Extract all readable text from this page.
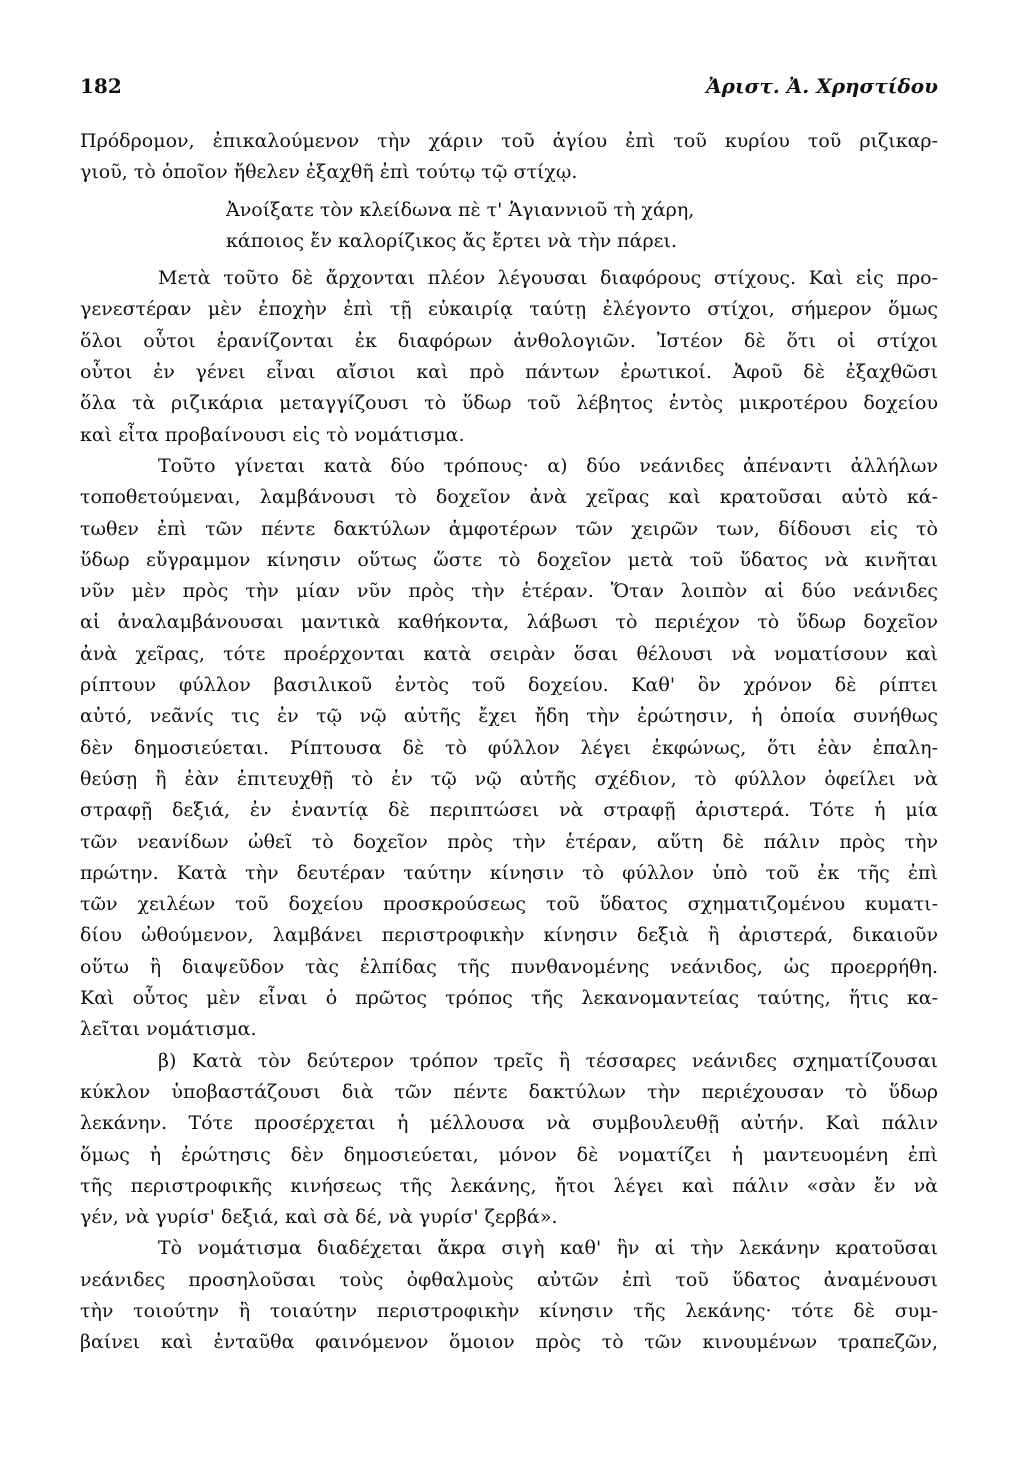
182	Ἀριστ. Ἀ. Χρηστίδου
Πρόδρομον, ἐπικαλούμενον τὴν χάριν τοῦ ἁγίου ἐπὶ τοῦ κυρίου τοῦ ριζικαρ-
γιοῦ, τὸ ὁποῖον ἤθελεν ἐξαχθῆ ἐπὶ τούτῳ τῷ στίχῳ.
Ἀνοίξατε τὸν κλείδωνα πὲ τ' Ἁγιαννιοῦ τὴ χάρη,
κάποιος ἔν καλορίζικος ἄς ἔρτει νὰ τὴν πάρει.
Μετὰ τοῦτο δὲ ἄρχονται πλέον λέγουσαι διαφόρους στίχους. Καὶ εἰς προ-
γενεστέραν μὲν ἐποχὴν ἐπὶ τῇ εὐκαιρίᾳ ταύτῃ ἐλέγοντο στίχοι, σήμερον ὅμως
ὅλοι οὗτοι ἐρανίζονται ἐκ διαφόρων ἀνθολογιῶν. Ἰστέον δὲ ὅτι οἱ στίχοι
οὗτοι ἐν γένει εἶναι αἴσιοι καὶ πρὸ πάντων ἐρωτικοί. Ἀφοῦ δὲ ἐξαχθῶσι
ὅλα τὰ ριζικάρια μεταγγίζουσι τὸ ὕδωρ τοῦ λέβητος ἐντὸς μικροτέρου δοχείου
καὶ εἶτα προβαίνουσι εἰς τὸ νομάτισμα.
Τοῦτο γίνεται κατὰ δύο τρόπους· α) δύο νεάνιδες ἀπέναντι ἀλλήλων
τοποθετούμεναι, λαμβάνουσι τὸ δοχεῖον ἀνὰ χεῖρας καὶ κρατοῦσαι αὐτὸ κά-
τωθεν ἐπὶ τῶν πέντε δακτύλων ἀμφοτέρων τῶν χειρῶν των, δίδουσι εἰς τὸ
ὕδωρ εὔγραμμον κίνησιν οὕτως ὥστε τὸ δοχεῖον μετὰ τοῦ ὕδατος νὰ κινῆται
νῦν μὲν πρὸς τὴν μίαν νῦν πρὸς τὴν ἑτέραν. Ὅταν λοιπὸν αἱ δύο νεάνιδες
αἱ ἀναλαμβάνουσαι μαντικὰ καθήκοντα, λάβωσι τὸ περιέχον τὸ ὕδωρ δοχεῖον
ἀνὰ χεῖρας, τότε προέρχονται κατὰ σειρὰν ὅσαι θέλουσι νὰ νοματίσουν καὶ
ρίπτουν φύλλον βασιλικοῦ ἐντὸς τοῦ δοχείου. Καθ' ὃν χρόνον δὲ ρίπτει
αὐτό, νεᾶνίς τις ἐν τῷ νῷ αὐτῆς ἔχει ἤδη τὴν ἐρώτησιν, ἡ ὁποία συνήθως
δὲν δημοσιεύεται. Ρίπτουσα δὲ τὸ φύλλον λέγει ἐκφώνως, ὅτι ἐὰν ἐπαλη-
θεύσῃ ἢ ἐὰν ἐπιτευχθῇ τὸ ἐν τῷ νῷ αὐτῆς σχέδιον, τὸ φύλλον ὀφείλει νὰ
στραφῇ δεξιά, ἐν ἐναντίᾳ δὲ περιπτώσει νὰ στραφῇ ἀριστερά. Τότε ἡ μία
τῶν νεανίδων ὠθεῖ τὸ δοχεῖον πρὸς τὴν ἑτέραν, αὕτη δὲ πάλιν πρὸς τὴν
πρώτην. Κατὰ τὴν δευτέραν ταύτην κίνησιν τὸ φύλλον ὑπὸ τοῦ ἐκ τῆς ἐπὶ
τῶν χειλέων τοῦ δοχείου προσκρούσεως τοῦ ὕδατος σχηματιζομένου κυματι-
δίου ὠθούμενον, λαμβάνει περιστροφικὴν κίνησιν δεξιὰ ἢ ἀριστερά, δικαιοῦν
οὕτω ἢ διαψεῦδον τὰς ἐλπίδας τῆς πυνθανομένης νεάνιδος, ὡς προερρήθη.
Καὶ οὗτος μὲν εἶναι ὁ πρῶτος τρόπος τῆς λεκανομαντείας ταύτης, ἥτις κα-
λεῖται νομάτισμα.
β) Κατὰ τὸν δεύτερον τρόπον τρεῖς ἢ τέσσαρες νεάνιδες σχηματίζουσαι
κύκλον ὑποβαστάζουσι διὰ τῶν πέντε δακτύλων τὴν περιέχουσαν τὸ ὕδωρ
λεκάνην. Τότε προσέρχεται ἡ μέλλουσα νὰ συμβουλευθῇ αὐτήν. Καὶ πάλιν
ὅμως ἡ ἐρώτησις δὲν δημοσιεύεται, μόνον δὲ νοματίζει ἡ μαντευομένη ἐπὶ
τῆς περιστροφικῆς κινήσεως τῆς λεκάνης, ἤτοι λέγει καὶ πάλιν «σὰν ἔν νὰ
γέν, νὰ γυρίσ' δεξιά, καὶ σὰ δέ, νὰ γυρίσ' ζερβά».
Τὸ νομάτισμα διαδέχεται ἄκρα σιγὴ καθ' ἣν αἱ τὴν λεκάνην κρατοῦσαι
νεάνιδες προσηλοῦσαι τοὺς ὀφθαλμοὺς αὐτῶν ἐπὶ τοῦ ὕδατος ἀναμένουσι
τὴν τοιούτην ἢ τοιαύτην περιστροφικὴν κίνησιν τῆς λεκάνης· τότε δὲ συμ-
βαίνει καὶ ἐνταῦθα φαινόμενον ὅμοιον πρὸς τὸ τῶν κινουμένων τραπεζῶν,
